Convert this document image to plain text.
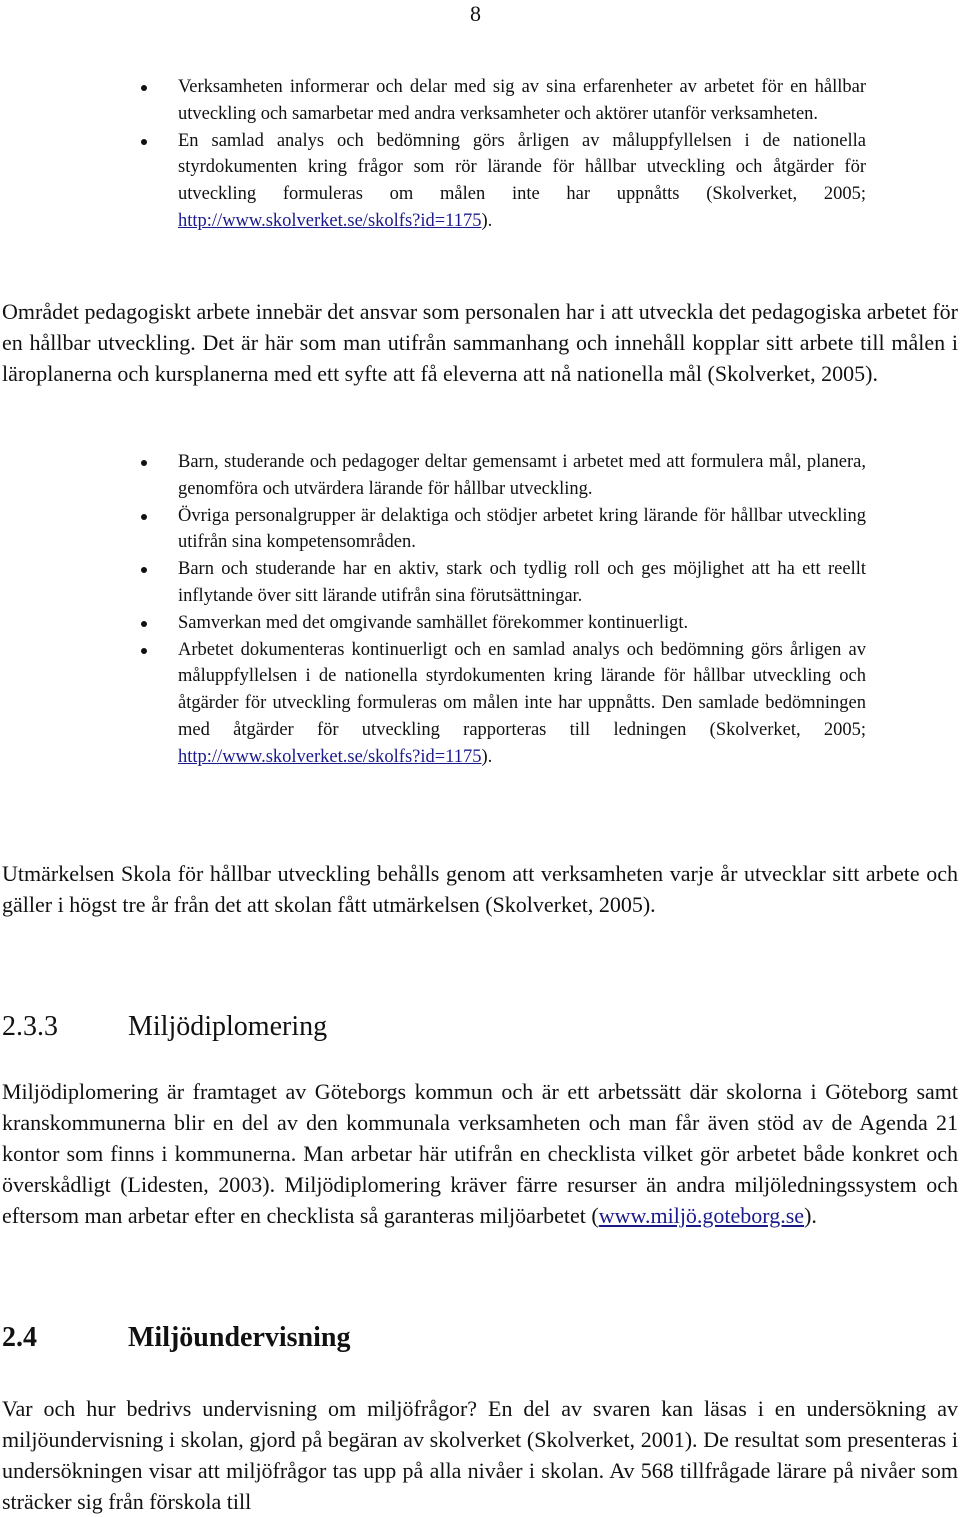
8
Verksamheten informerar och delar med sig av sina erfarenheter av arbetet för en hållbar utveckling och samarbetar med andra verksamheter och aktörer utanför verksamheten.
En samlad analys och bedömning görs årligen av måluppfyllelsen i de nationella styrdokumenten kring frågor som rör lärande för hållbar utveckling och åtgärder för utveckling formuleras om målen inte har uppnåtts (Skolverket, 2005; http://www.skolverket.se/skolfs?id=1175).

Området pedagogiskt arbete innebär det ansvar som personalen har i att utveckla det pedagogiska arbetet för en hållbar utveckling. Det är här som man utifrån sammanhang och innehåll kopplar sitt arbete till målen i läroplanerna och kursplanerna med ett syfte att få eleverna att nå nationella mål (Skolverket, 2005).

Barn, studerande och pedagoger deltar gemensamt i arbetet med att formulera mål, planera, genomföra och utvärdera lärande för hållbar utveckling.
Övriga personalgrupper är delaktiga och stödjer arbetet kring lärande för hållbar utveckling utifrån sina kompetensområden.
Barn och studerande har en aktiv, stark och tydlig roll och ges möjlighet att ha ett reellt inflytande över sitt lärande utifrån sina förutsättningar.
Samverkan med det omgivande samhället förekommer kontinuerligt.
Arbetet dokumenteras kontinuerligt och en samlad analys och bedömning görs årligen av måluppfyllelsen i de nationella styrdokumenten kring lärande för hållbar utveckling och åtgärder för utveckling formuleras om målen inte har uppnåtts. Den samlade bedömningen med åtgärder för utveckling rapporteras till ledningen (Skolverket, 2005; http://www.skolverket.se/skolfs?id=1175).

Utmärkelsen Skola för hållbar utveckling behålls genom att verksamheten varje år utvecklar sitt arbete och gäller i högst tre år från det att skolan fått utmärkelsen (Skolverket, 2005).

2.3.3	Miljödiplomering

Miljödiplomering är framtaget av Göteborgs kommun och är ett arbetssätt där skolorna i Göteborg samt kranskommunerna blir en del av den kommunala verksamheten och man får även stöd av de Agenda 21 kontor som finns i kommunerna. Man arbetar här utifrån en checklista vilket gör arbetet både konkret och överskådligt (Lidesten, 2003). Miljödiplomering kräver färre resurser än andra miljöledningssystem och eftersom man arbetar efter en checklista så garanteras miljöarbetet (www.miljö.goteborg.se).

2.4	Miljöundervisning

Var och hur bedrivs undervisning om miljöfrågor? En del av svaren kan läsas i en undersökning av miljöundervisning i skolan, gjord på begäran av skolverket (Skolverket, 2001). De resultat som presenteras i undersökningen visar att miljöfrågor tas upp på alla nivåer i skolan. Av 568 tillfrågade lärare på nivåer som sträcker sig från förskola till
